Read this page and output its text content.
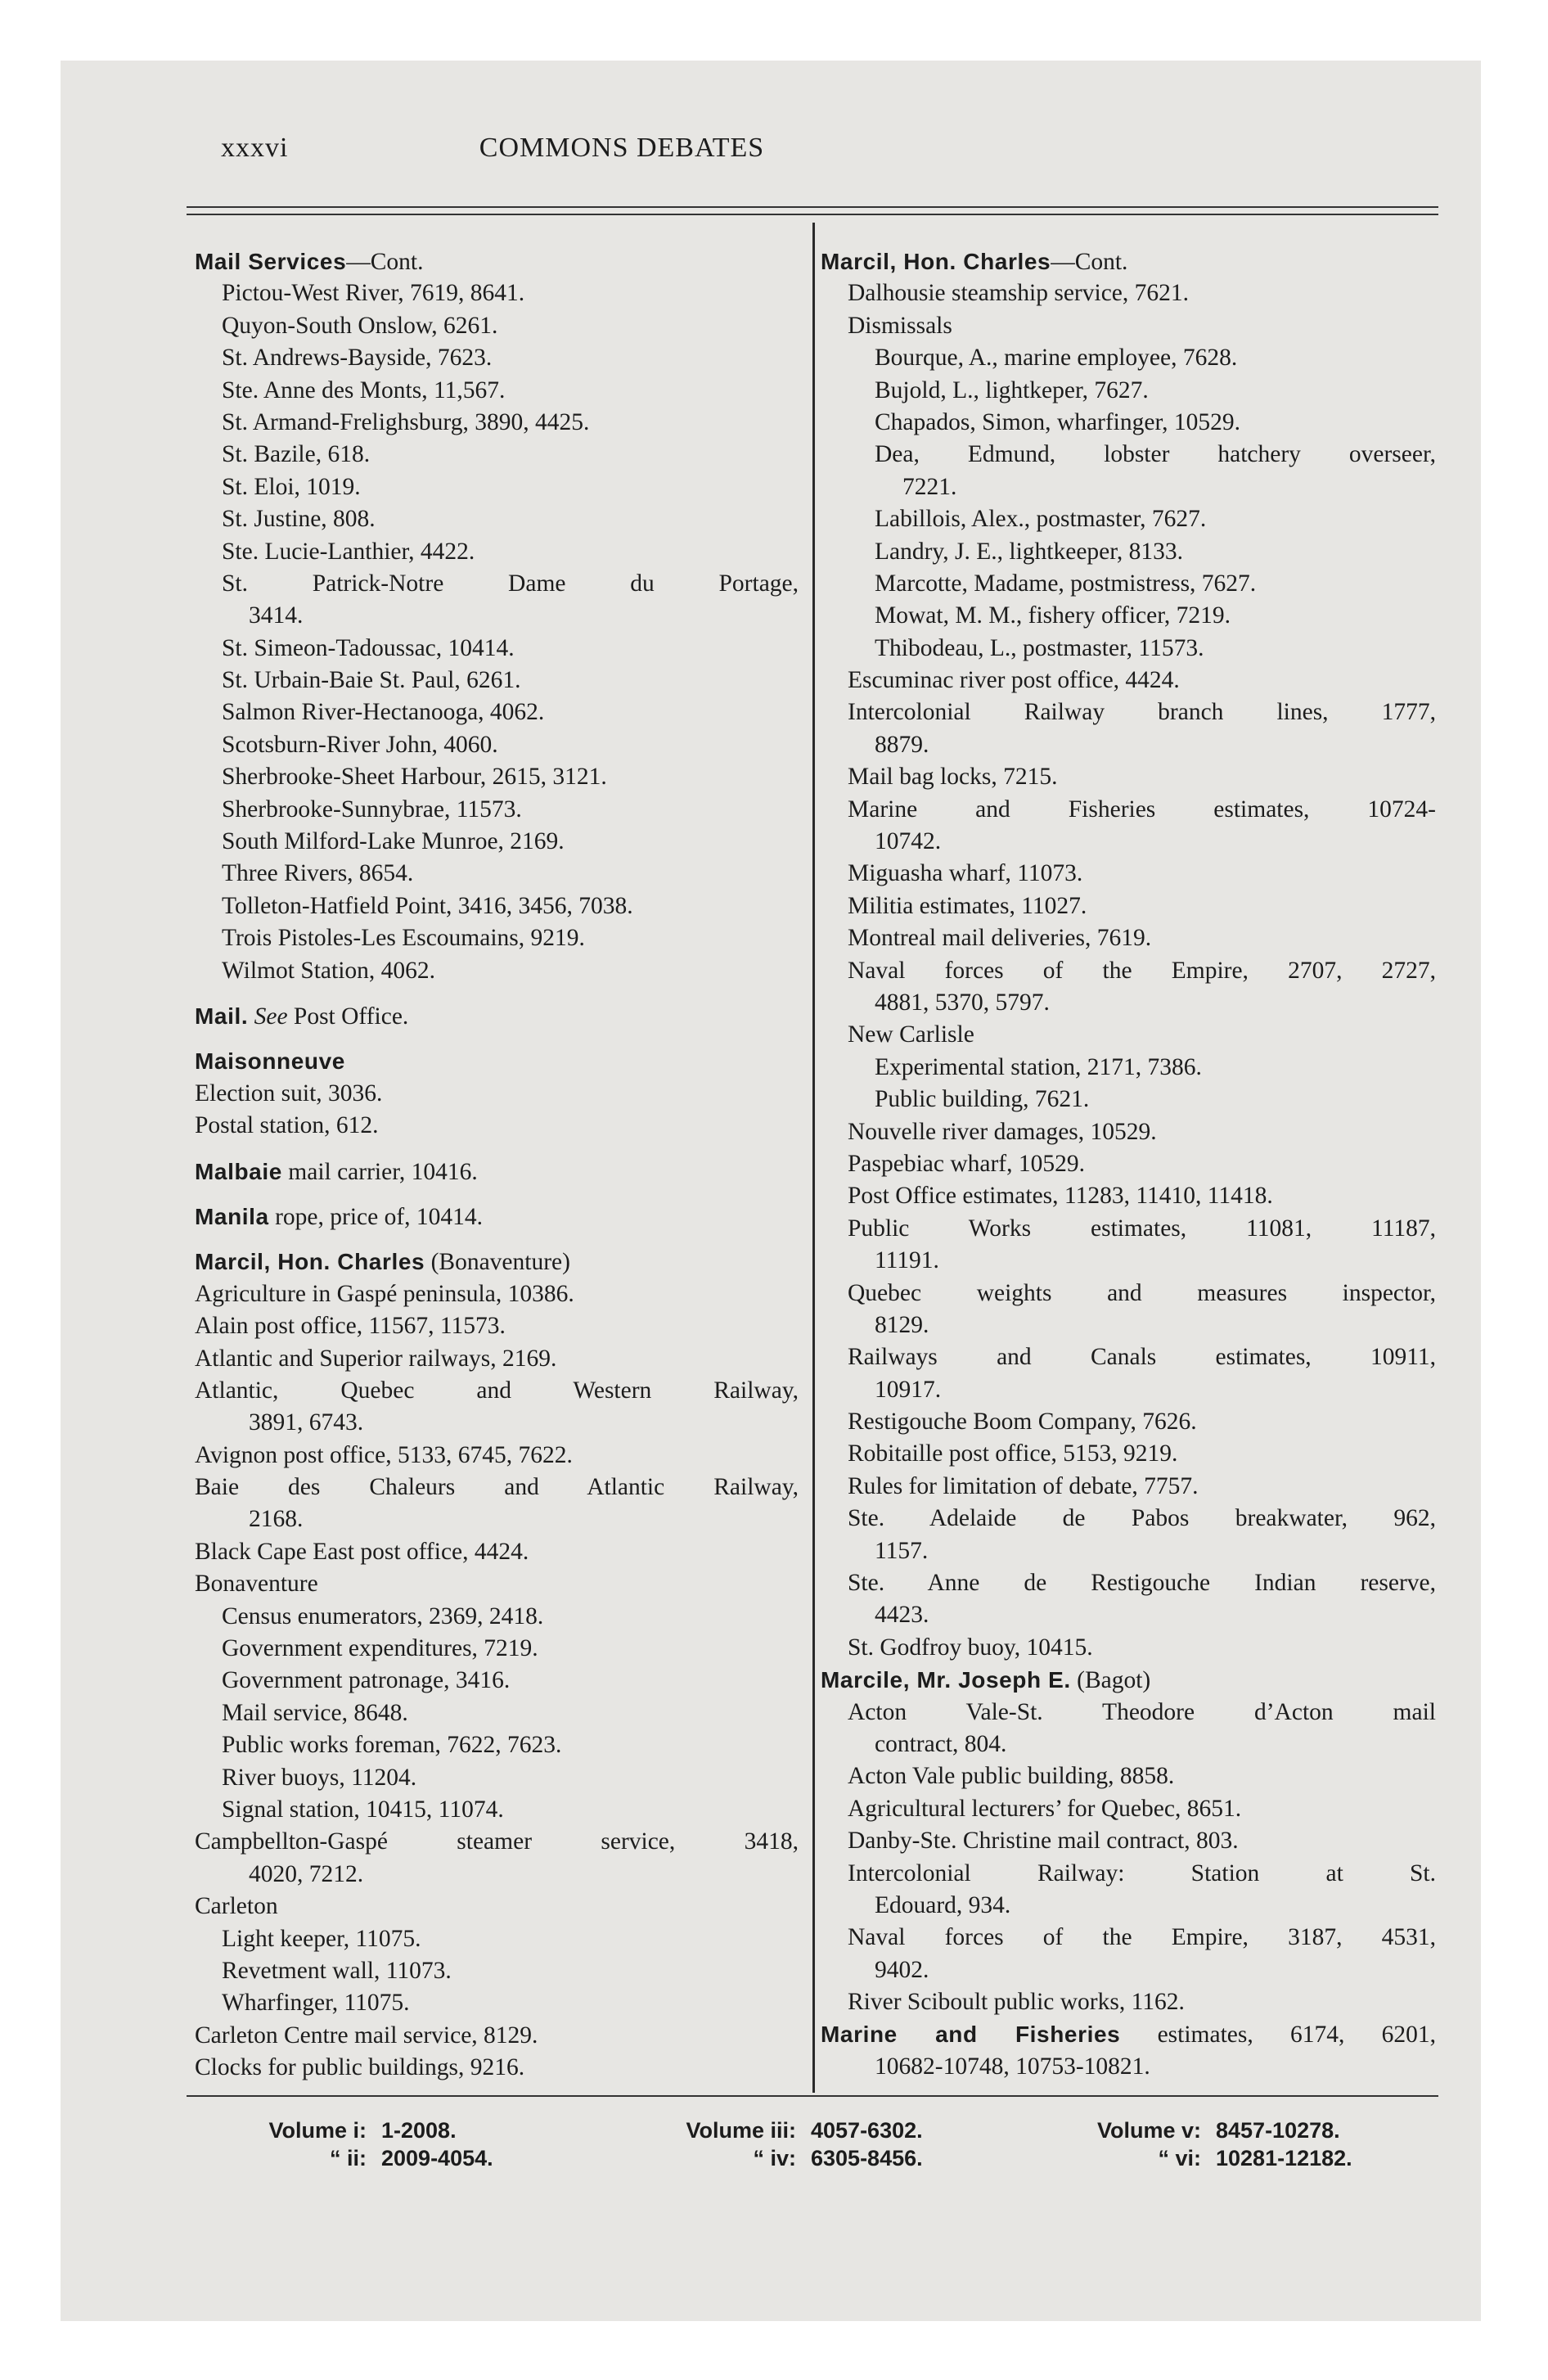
xxxvi	COMMONS DEBATES
Mail Services—Cont.
Pictou-West River, 7619, 8641.
Quyon-South Onslow, 6261.
St. Andrews-Bayside, 7623.
Ste. Anne des Monts, 11,567.
St. Armand-Frelighsburg, 3890, 4425.
St. Bazile, 618.
St. Eloi, 1019.
St. Justine, 808.
Ste. Lucie-Lanthier, 4422.
St. Patrick-Notre Dame du Portage,
3414.
St. Simeon-Tadoussac, 10414.
St. Urbain-Baie St. Paul, 6261.
Salmon River-Hectanooga, 4062.
Scotsburn-River John, 4060.
Sherbrooke-Sheet Harbour, 2615, 3121.
Sherbrooke-Sunnybrae, 11573.
South Milford-Lake Munroe, 2169.
Three Rivers, 8654.
Tolleton-Hatfield Point, 3416, 3456, 7038.
Trois Pistoles-Les Escoumains, 9219.
Wilmot Station, 4062.
Mail. See Post Office.
Maisonneuve
Election suit, 3036.
Postal station, 612.
Malbaie mail carrier, 10416.
Manila rope, price of, 10414.
Marcil, Hon. Charles (Bonaventure)
Agriculture in Gaspé peninsula, 10386.
Alain post office, 11567, 11573.
Atlantic and Superior railways, 2169.
Atlantic, Quebec and Western Railway,
3891, 6743.
Avignon post office, 5133, 6745, 7622.
Baie des Chaleurs and Atlantic Railway,
2168.
Black Cape East post office, 4424.
Bonaventure
Census enumerators, 2369, 2418.
Government expenditures, 7219.
Government patronage, 3416.
Mail service, 8648.
Public works foreman, 7622, 7623.
River buoys, 11204.
Signal station, 10415, 11074.
Campbellton-Gaspé steamer service, 3418,
4020, 7212.
Carleton
Light keeper, 11075.
Revetment wall, 11073.
Wharfinger, 11075.
Carleton Centre mail service, 8129.
Clocks for public buildings, 9216.
Marcil, Hon. Charles—Cont.
Dalhousie steamship service, 7621.
Dismissals
Bourque, A., marine employee, 7628.
Bujold, L., lightkeper, 7627.
Chapados, Simon, wharfinger, 10529.
Dea, Edmund, lobster hatchery overseer,
7221.
Labillois, Alex., postmaster, 7627.
Landry, J. E., lightkeeper, 8133.
Marcotte, Madame, postmistress, 7627.
Mowat, M. M., fishery officer, 7219.
Thibodeau, L., postmaster, 11573.
Escuminac river post office, 4424.
Intercolonial Railway branch lines, 1777,
8879.
Mail bag locks, 7215.
Marine and Fisheries estimates, 10724-
10742.
Miguasha wharf, 11073.
Militia estimates, 11027.
Montreal mail deliveries, 7619.
Naval forces of the Empire, 2707, 2727,
4881, 5370, 5797.
New Carlisle
Experimental station, 2171, 7386.
Public building, 7621.
Nouvelle river damages, 10529.
Paspebiac wharf, 10529.
Post Office estimates, 11283, 11410, 11418.
Public Works estimates, 11081, 11187,
11191.
Quebec weights and measures inspector,
8129.
Railways and Canals estimates, 10911,
10917.
Restigouche Boom Company, 7626.
Robitaille post office, 5153, 9219.
Rules for limitation of debate, 7757.
Ste. Adelaide de Pabos breakwater, 962,
1157.
Ste. Anne de Restigouche Indian reserve,
4423.
St. Godfroy buoy, 10415.
Marcile, Mr. Joseph E. (Bagot)
Acton Vale-St. Theodore d’Acton mail
contract, 804.
Acton Vale public building, 8858.
Agricultural lecturers’ for Quebec, 8651.
Danby-Ste. Christine mail contract, 803.
Intercolonial Railway: Station at St.
Edouard, 934.
Naval forces of the Empire, 3187, 4531,
9402.
River Sciboult public works, 1162.
Marine and Fisheries estimates, 6174, 6201,
10682-10748, 10753-10821.
Volume i: 1-2008.
“ ii: 2009-4054.
Volume iii: 4057-6302.
“ iv: 6305-8456.
Volume v: 8457-10278.
“ vi: 10281-12182.
